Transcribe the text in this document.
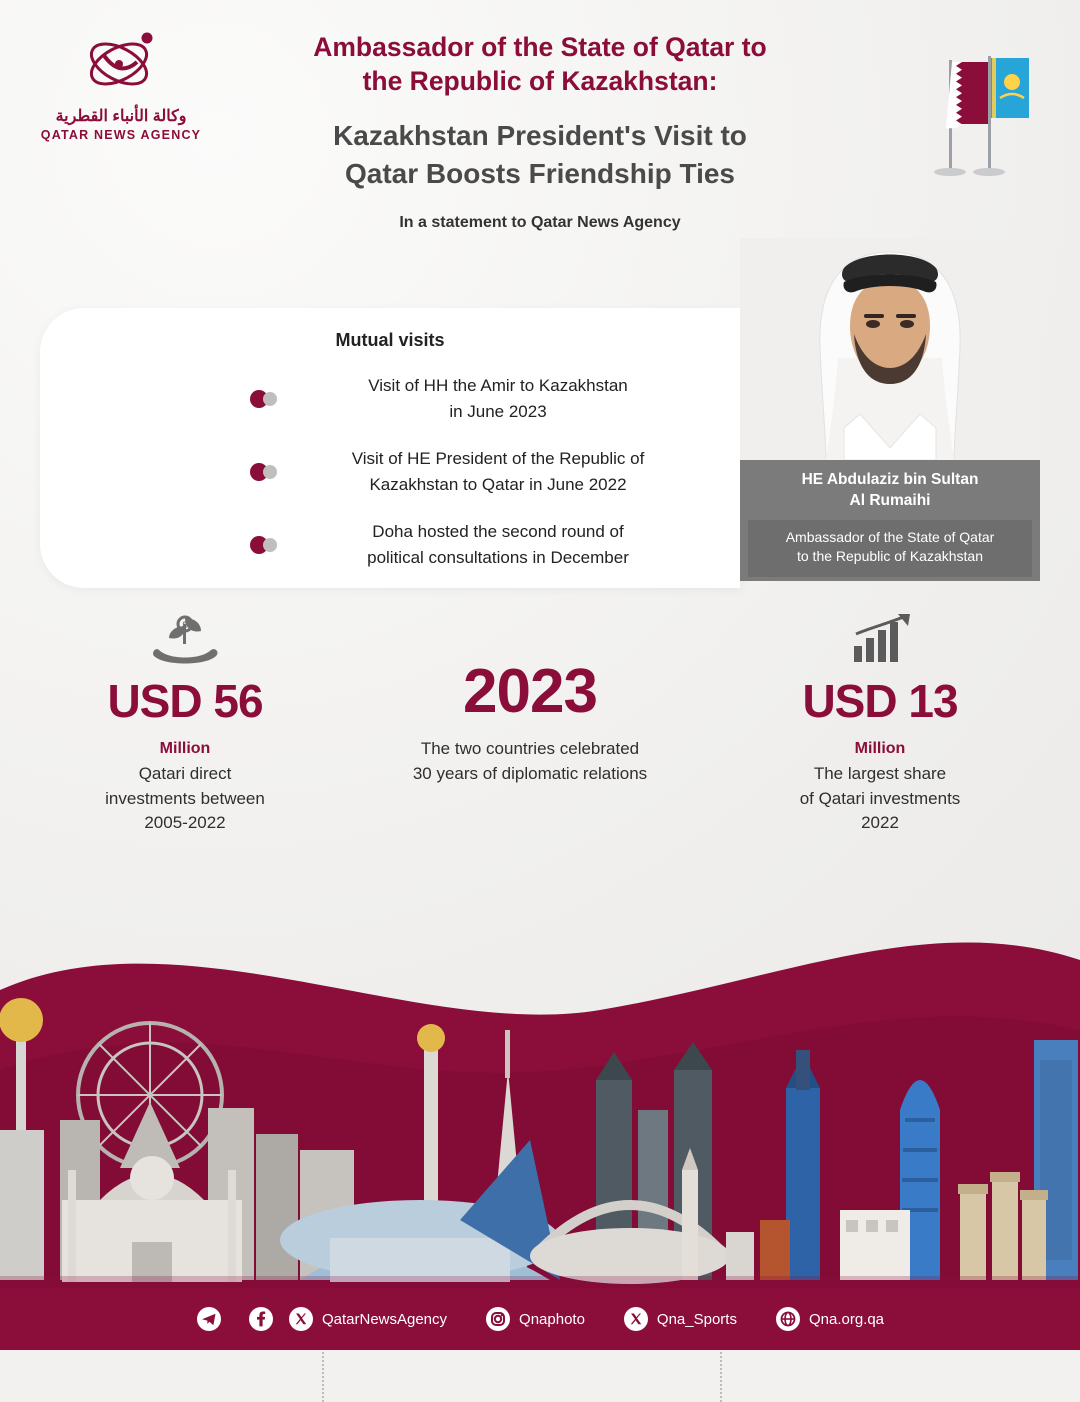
وكالة الأنباء القطرية
QATAR NEWS AGENCY
Ambassador of the State of Qatar to
the Republic of Kazakhstan:
Kazakhstan President's Visit to
Qatar Boosts Friendship Ties
In a statement to Qatar News Agency
Mutual visits
Visit of HH the Amir to Kazakhstan
in June 2023
Visit of HE President of the Republic of
Kazakhstan to Qatar in June 2022
Doha hosted the second round of
political consultations in December
HE Abdulaziz bin Sultan
Al Rumaihi
Ambassador of the State of Qatar
to the Republic of Kazakhstan
$
USD 56
Million
Qatari direct
investments between
2005-2022
2023
The two countries celebrated
30 years of diplomatic relations
USD 13
Million
The largest share
of Qatari investments
2022
QatarNewsAgency	Qnaphoto	Qna_Sports	Qna.org.qa
